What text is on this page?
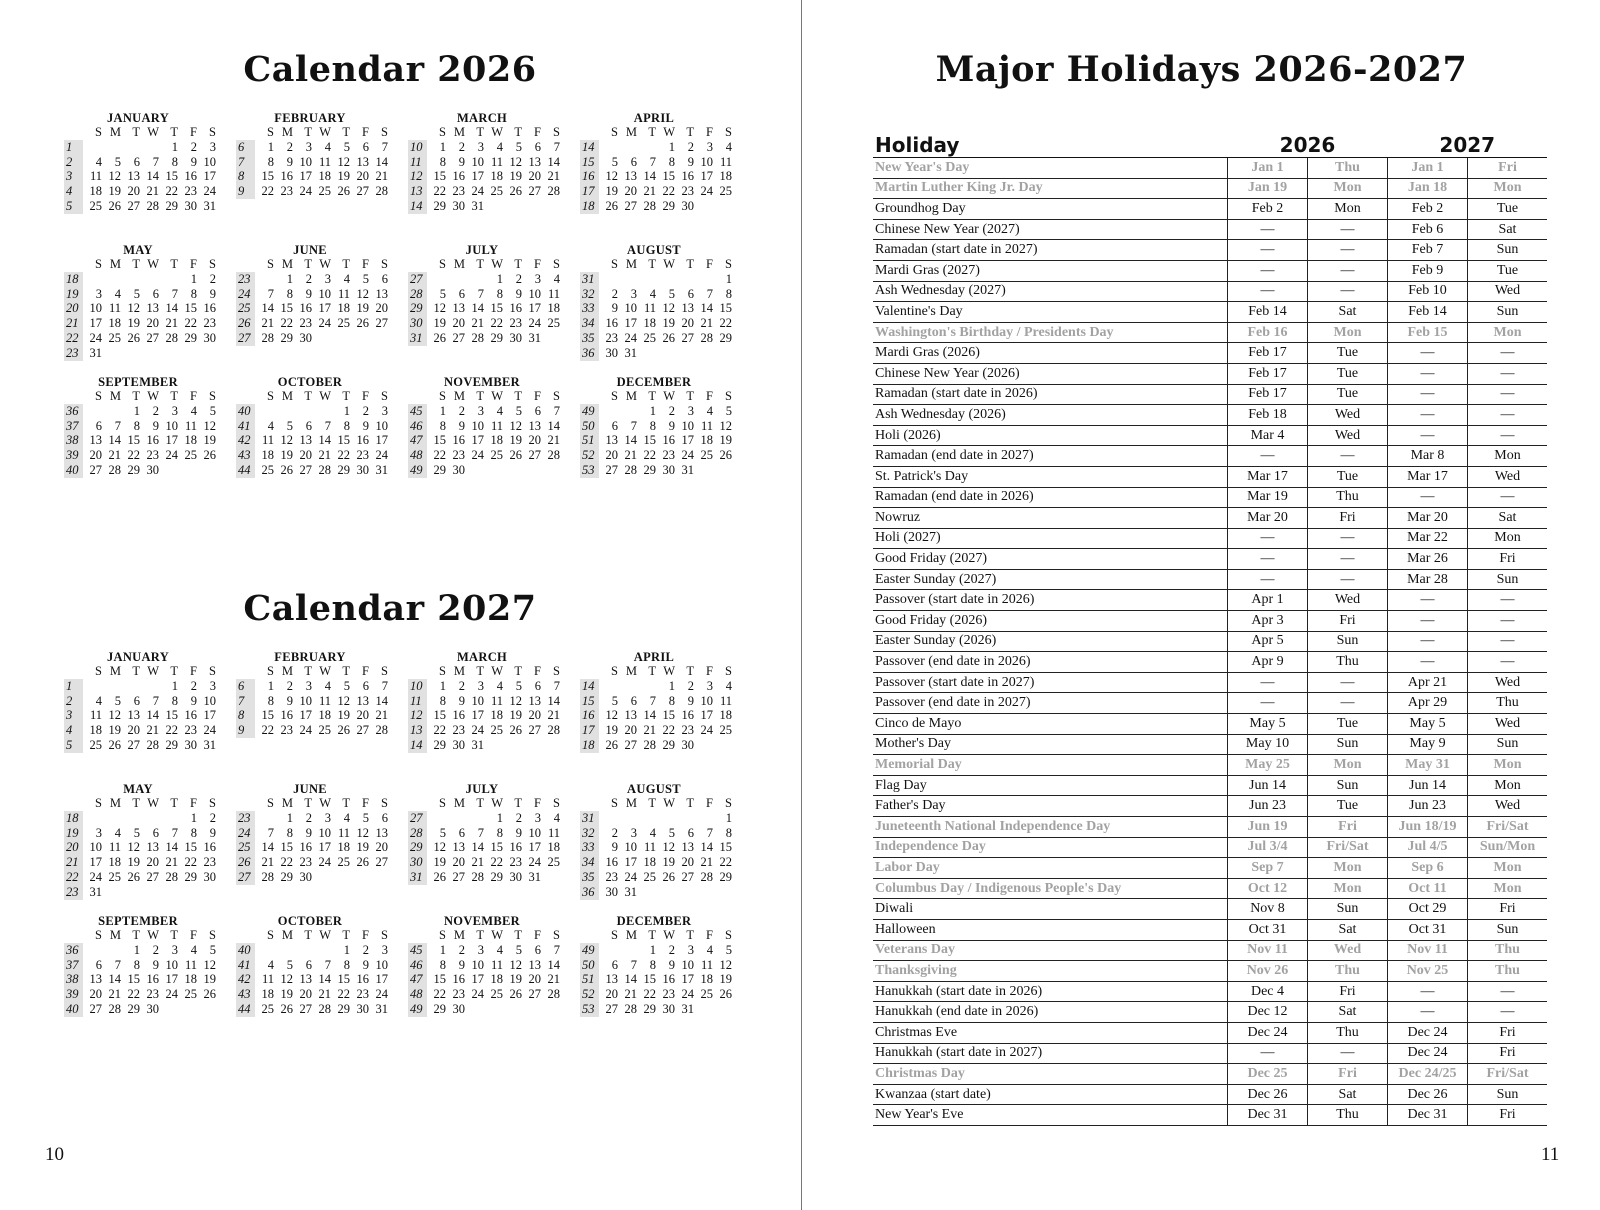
Calendar 2026
JANUARY
	S	M	T	W	T	F	S
1					1	2	3
2	4	5	6	7	8	9	10
3	11	12	13	14	15	16	17
4	18	19	20	21	22	23	24
5	25	26	27	28	29	30	31
FEBRUARY
	S	M	T	W	T	F	S
6	1	2	3	4	5	6	7
7	8	9	10	11	12	13	14
8	15	16	17	18	19	20	21
9	22	23	24	25	26	27	28
MARCH
	S	M	T	W	T	F	S
10	1	2	3	4	5	6	7
11	8	9	10	11	12	13	14
12	15	16	17	18	19	20	21
13	22	23	24	25	26	27	28
14	29	30	31				
APRIL
	S	M	T	W	T	F	S
14				1	2	3	4
15	5	6	7	8	9	10	11
16	12	13	14	15	16	17	18
17	19	20	21	22	23	24	25
18	26	27	28	29	30		
MAY
	S	M	T	W	T	F	S
18						1	2
19	3	4	5	6	7	8	9
20	10	11	12	13	14	15	16
21	17	18	19	20	21	22	23
22	24	25	26	27	28	29	30
23	31						
JUNE
	S	M	T	W	T	F	S
23		1	2	3	4	5	6
24	7	8	9	10	11	12	13
25	14	15	16	17	18	19	20
26	21	22	23	24	25	26	27
27	28	29	30				
JULY
	S	M	T	W	T	F	S
27				1	2	3	4
28	5	6	7	8	9	10	11
29	12	13	14	15	16	17	18
30	19	20	21	22	23	24	25
31	26	27	28	29	30	31	
AUGUST
	S	M	T	W	T	F	S
31							1
32	2	3	4	5	6	7	8
33	9	10	11	12	13	14	15
34	16	17	18	19	20	21	22
35	23	24	25	26	27	28	29
36	30	31					
SEPTEMBER
	S	M	T	W	T	F	S
36			1	2	3	4	5
37	6	7	8	9	10	11	12
38	13	14	15	16	17	18	19
39	20	21	22	23	24	25	26
40	27	28	29	30			
OCTOBER
	S	M	T	W	T	F	S
40					1	2	3
41	4	5	6	7	8	9	10
42	11	12	13	14	15	16	17
43	18	19	20	21	22	23	24
44	25	26	27	28	29	30	31
NOVEMBER
	S	M	T	W	T	F	S
45	1	2	3	4	5	6	7
46	8	9	10	11	12	13	14
47	15	16	17	18	19	20	21
48	22	23	24	25	26	27	28
49	29	30					
DECEMBER
	S	M	T	W	T	F	S
49			1	2	3	4	5
50	6	7	8	9	10	11	12
51	13	14	15	16	17	18	19
52	20	21	22	23	24	25	26
53	27	28	29	30	31		
Calendar 2027
JANUARY
	S	M	T	W	T	F	S
1					1	2	3
2	4	5	6	7	8	9	10
3	11	12	13	14	15	16	17
4	18	19	20	21	22	23	24
5	25	26	27	28	29	30	31
FEBRUARY
	S	M	T	W	T	F	S
6	1	2	3	4	5	6	7
7	8	9	10	11	12	13	14
8	15	16	17	18	19	20	21
9	22	23	24	25	26	27	28
MARCH
	S	M	T	W	T	F	S
10	1	2	3	4	5	6	7
11	8	9	10	11	12	13	14
12	15	16	17	18	19	20	21
13	22	23	24	25	26	27	28
14	29	30	31				
APRIL
	S	M	T	W	T	F	S
14				1	2	3	4
15	5	6	7	8	9	10	11
16	12	13	14	15	16	17	18
17	19	20	21	22	23	24	25
18	26	27	28	29	30		
MAY
	S	M	T	W	T	F	S
18						1	2
19	3	4	5	6	7	8	9
20	10	11	12	13	14	15	16
21	17	18	19	20	21	22	23
22	24	25	26	27	28	29	30
23	31						
JUNE
	S	M	T	W	T	F	S
23		1	2	3	4	5	6
24	7	8	9	10	11	12	13
25	14	15	16	17	18	19	20
26	21	22	23	24	25	26	27
27	28	29	30				
JULY
	S	M	T	W	T	F	S
27				1	2	3	4
28	5	6	7	8	9	10	11
29	12	13	14	15	16	17	18
30	19	20	21	22	23	24	25
31	26	27	28	29	30	31	
AUGUST
	S	M	T	W	T	F	S
31							1
32	2	3	4	5	6	7	8
33	9	10	11	12	13	14	15
34	16	17	18	19	20	21	22
35	23	24	25	26	27	28	29
36	30	31					
SEPTEMBER
	S	M	T	W	T	F	S
36			1	2	3	4	5
37	6	7	8	9	10	11	12
38	13	14	15	16	17	18	19
39	20	21	22	23	24	25	26
40	27	28	29	30			
OCTOBER
	S	M	T	W	T	F	S
40					1	2	3
41	4	5	6	7	8	9	10
42	11	12	13	14	15	16	17
43	18	19	20	21	22	23	24
44	25	26	27	28	29	30	31
NOVEMBER
	S	M	T	W	T	F	S
45	1	2	3	4	5	6	7
46	8	9	10	11	12	13	14
47	15	16	17	18	19	20	21
48	22	23	24	25	26	27	28
49	29	30					
DECEMBER
	S	M	T	W	T	F	S
49			1	2	3	4	5
50	6	7	8	9	10	11	12
51	13	14	15	16	17	18	19
52	20	21	22	23	24	25	26
53	27	28	29	30	31		
10
Major Holidays 2026-2027
Holiday	2026		2027	
New Year's Day	Jan 1	Thu	Jan 1	Fri
Martin Luther King Jr. Day	Jan 19	Mon	Jan 18	Mon
Groundhog Day	Feb 2	Mon	Feb 2	Tue
Chinese New Year (2027)	—	—	Feb 6	Sat
Ramadan (start date in 2027)	—	—	Feb 7	Sun
Mardi Gras (2027)	—	—	Feb 9	Tue
Ash Wednesday (2027)	—	—	Feb 10	Wed
Valentine's Day	Feb 14	Sat	Feb 14	Sun
Washington's Birthday / Presidents Day	Feb 16	Mon	Feb 15	Mon
Mardi Gras (2026)	Feb 17	Tue	—	—
Chinese New Year (2026)	Feb 17	Tue	—	—
Ramadan (start date in 2026)	Feb 17	Tue	—	—
Ash Wednesday (2026)	Feb 18	Wed	—	—
Holi (2026)	Mar 4	Wed	—	—
Ramadan (end date in 2027)	—	—	Mar 8	Mon
St. Patrick's Day	Mar 17	Tue	Mar 17	Wed
Ramadan (end date in 2026)	Mar 19	Thu	—	—
Nowruz	Mar 20	Fri	Mar 20	Sat
Holi (2027)	—	—	Mar 22	Mon
Good Friday (2027)	—	—	Mar 26	Fri
Easter Sunday (2027)	—	—	Mar 28	Sun
Passover (start date in 2026)	Apr 1	Wed	—	—
Good Friday (2026)	Apr 3	Fri	—	—
Easter Sunday (2026)	Apr 5	Sun	—	—
Passover (end date in 2026)	Apr 9	Thu	—	—
Passover (start date in 2027)	—	—	Apr 21	Wed
Passover (end date in 2027)	—	—	Apr 29	Thu
Cinco de Mayo	May 5	Tue	May 5	Wed
Mother's Day	May 10	Sun	May 9	Sun
Memorial Day	May 25	Mon	May 31	Mon
Flag Day	Jun 14	Sun	Jun 14	Mon
Father's Day	Jun 23	Tue	Jun 23	Wed
Juneteenth National Independence Day	Jun 19	Fri	Jun 18/19	Fri/Sat
Independence Day	Jul 3/4	Fri/Sat	Jul 4/5	Sun/Mon
Labor Day	Sep 7	Mon	Sep 6	Mon
Columbus Day / Indigenous People's Day	Oct 12	Mon	Oct 11	Mon
Diwali	Nov 8	Sun	Oct 29	Fri
Halloween	Oct 31	Sat	Oct 31	Sun
Veterans Day	Nov 11	Wed	Nov 11	Thu
Thanksgiving	Nov 26	Thu	Nov 25	Thu
Hanukkah (start date in 2026)	Dec 4	Fri	—	—
Hanukkah (end date in 2026)	Dec 12	Sat	—	—
Christmas Eve	Dec 24	Thu	Dec 24	Fri
Hanukkah (start date in 2027)	—	—	Dec 24	Fri
Christmas Day	Dec 25	Fri	Dec 24/25	Fri/Sat
Kwanzaa (start date)	Dec 26	Sat	Dec 26	Sun
New Year's Eve	Dec 31	Thu	Dec 31	Fri
11
